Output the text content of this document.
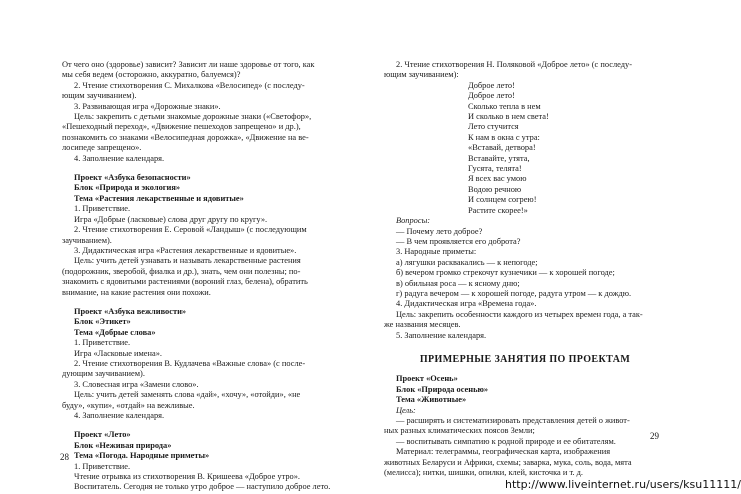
От чего оно (здоровье) зависит? Зависит ли наше здоровье от того, как

мы себя ведем (осторожно, аккуратно, балуемся)?

2. Чтение стихотворения С. Михалкова «Велосипед» (с последу-

ющим заучиванием).

3. Развивающая игра «Дорожные знаки».

Цель: закрепить с детьми знакомые дорожные знаки («Светофор»,

«Пешеходный переход», «Движение пешеходов запрещено» и др.),

познакомить со знаками «Велосипедная дорожка», «Движение на ве-

лосипеде запрещено».

4. Заполнение календаря.

Проект «Азбука безопасности»

Блок «Природа и экология»

Тема «Растения лекарственные и ядовитые»

1. Приветствие.

Игра «Добрые (ласковые) слова друг другу по кругу».

2. Чтение стихотворения Е. Серовой «Ландыш» (с последующим

заучиванием).

3. Дидактическая игра «Растения лекарственные и ядовитые».

Цель: учить детей узнавать и называть лекарственные растения

(подорожник, зверобой, фиалка и др.), знать, чем они полезны; по-

знакомить с ядовитыми растениями (вороний глаз, белена), обратить

внимание, на какие растения они похожи.

Проект «Азбука вежливости»

Блок «Этикет»

Тема «Добрые слова»

1. Приветствие.

Игра «Ласковые имена».

2. Чтение стихотворения В. Кудлачева «Важные слова» (с после-

дующим заучиванием).

3. Словесная игра «Замени слово».

Цель: учить детей заменять слова «дай», «хочу», «отойди», «не

буду», «купи», «отдай» на вежливые.

4. Заполнение календаря.

Проект «Лето»

Блок «Неживая природа»

Тема «Погода. Народные приметы»

1. Приветствие.

Чтение отрывка из стихотворения В. Кришеева «Доброе утро».

Воспитатель. Сегодня не только утро доброе — наступило доброе лето.

28

2. Чтение стихотворения Н. Поляковой «Доброе лето» (с последу-

ющим заучиванием):

Доброе лето!

Доброе лето!

Сколько тепла в нем

И сколько в нем света!

Лето стучится

К нам в окна с утра:

«Вставай, детвора!

Вставайте, утята,

Гусята, телята!

Я всех вас умою

Водою речною

И солнцем согрею!

Растите скорее!»

Вопросы:

— Почему лето доброе?

— В чем проявляется его доброта?

3. Народные приметы:

а) лягушки расквакались — к непогоде;

б) вечером громко стрекочут кузнечики — к хорошей погоде;

в) обильная роса — к ясному дню;

г) радуга вечером — к хорошей погоде, радуга утром — к дождю.

4. Дидактическая игра «Времена года».

Цель: закрепить особенности каждого из четырех времен года, а так-

же названия месяцев.

5. Заполнение календаря.

ПРИМЕРНЫЕ ЗАНЯТИЯ ПО ПРОЕКТАМ

Проект «Осень»

Блок «Природа осенью»

Тема «Животные»

Цель:

— расширять и систематизировать представления детей о живот-

ных разных климатических поясов Земли;

— воспитывать симпатию к родной природе и ее обитателям.

Материал: телеграммы, географическая карта, изображения

животных Беларуси и Африки, схемы; заварка, мука, соль, вода, мята

(мелисса); нитки, шишки, опилки, клей, кисточка и т. д.

29
http://www.liveinternet.ru/users/ksu11111/
